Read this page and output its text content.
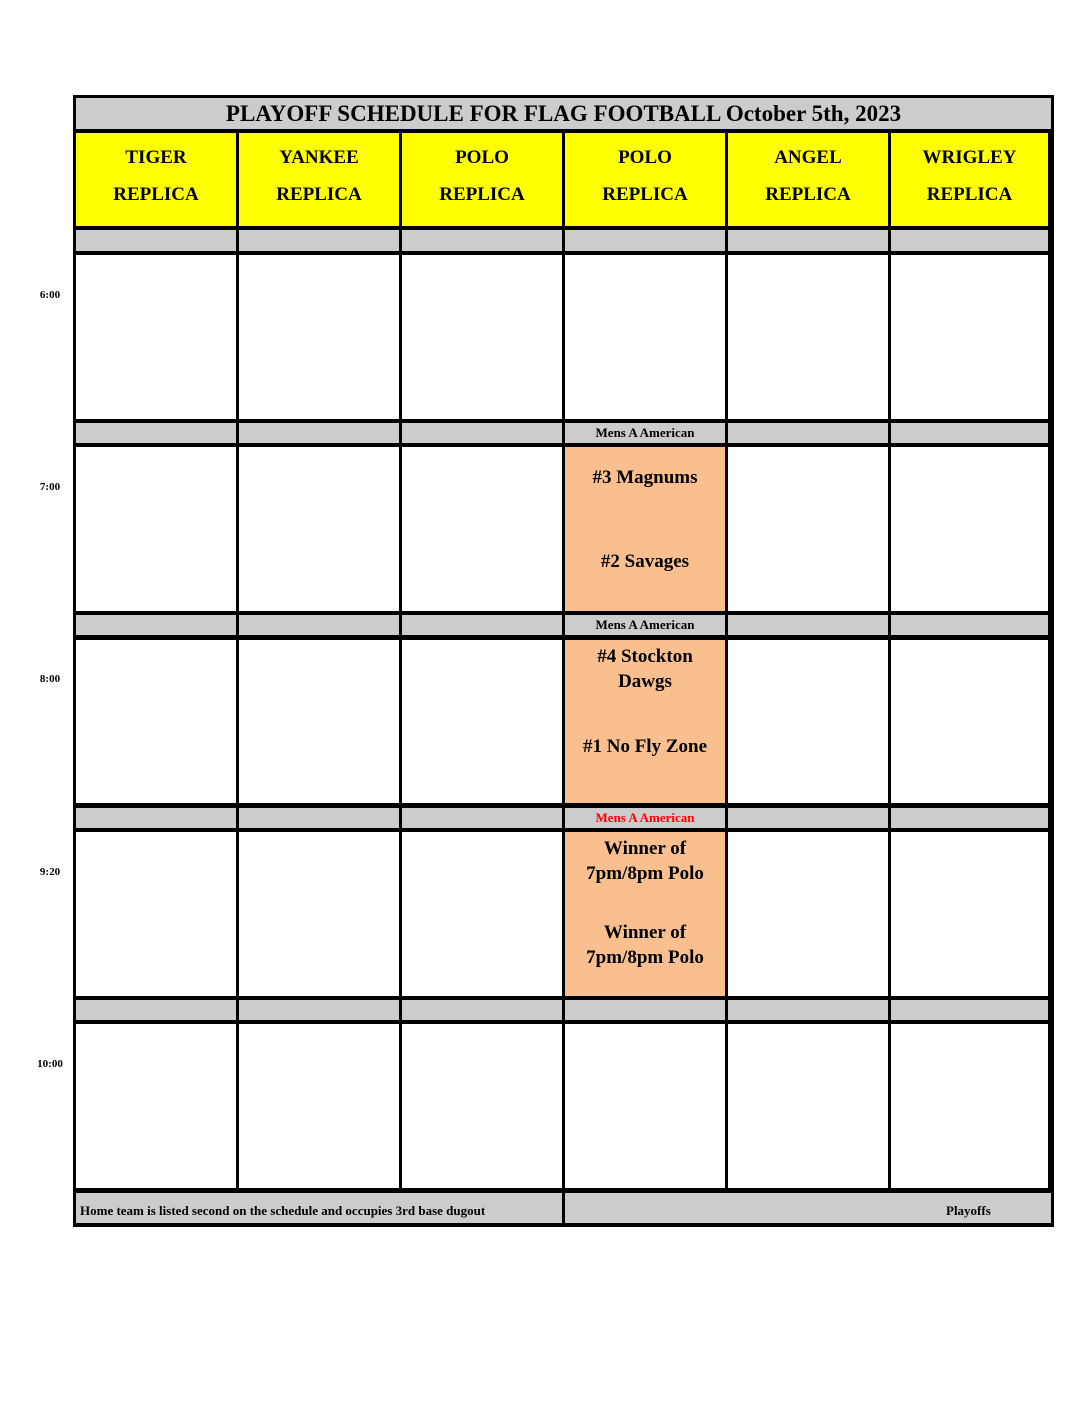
6:00
7:00
8:00
9:20
10:00
PLAYOFF SCHEDULE FOR FLAG FOOTBALL October 5th, 2023
TIGER
REPLICA
YANKEE
REPLICA
POLO
REPLICA
POLO
REPLICA
ANGEL
REPLICA
WRIGLEY
REPLICA
Mens A American
#3 Magnums
#2 Savages
Mens A American
#4 Stockton Dawgs
#1 No Fly Zone
Mens A American
Winner of 7pm/8pm Polo
Winner of 7pm/8pm Polo
Home team is listed second on the schedule and occupies 3rd base dugout	Playoffs
